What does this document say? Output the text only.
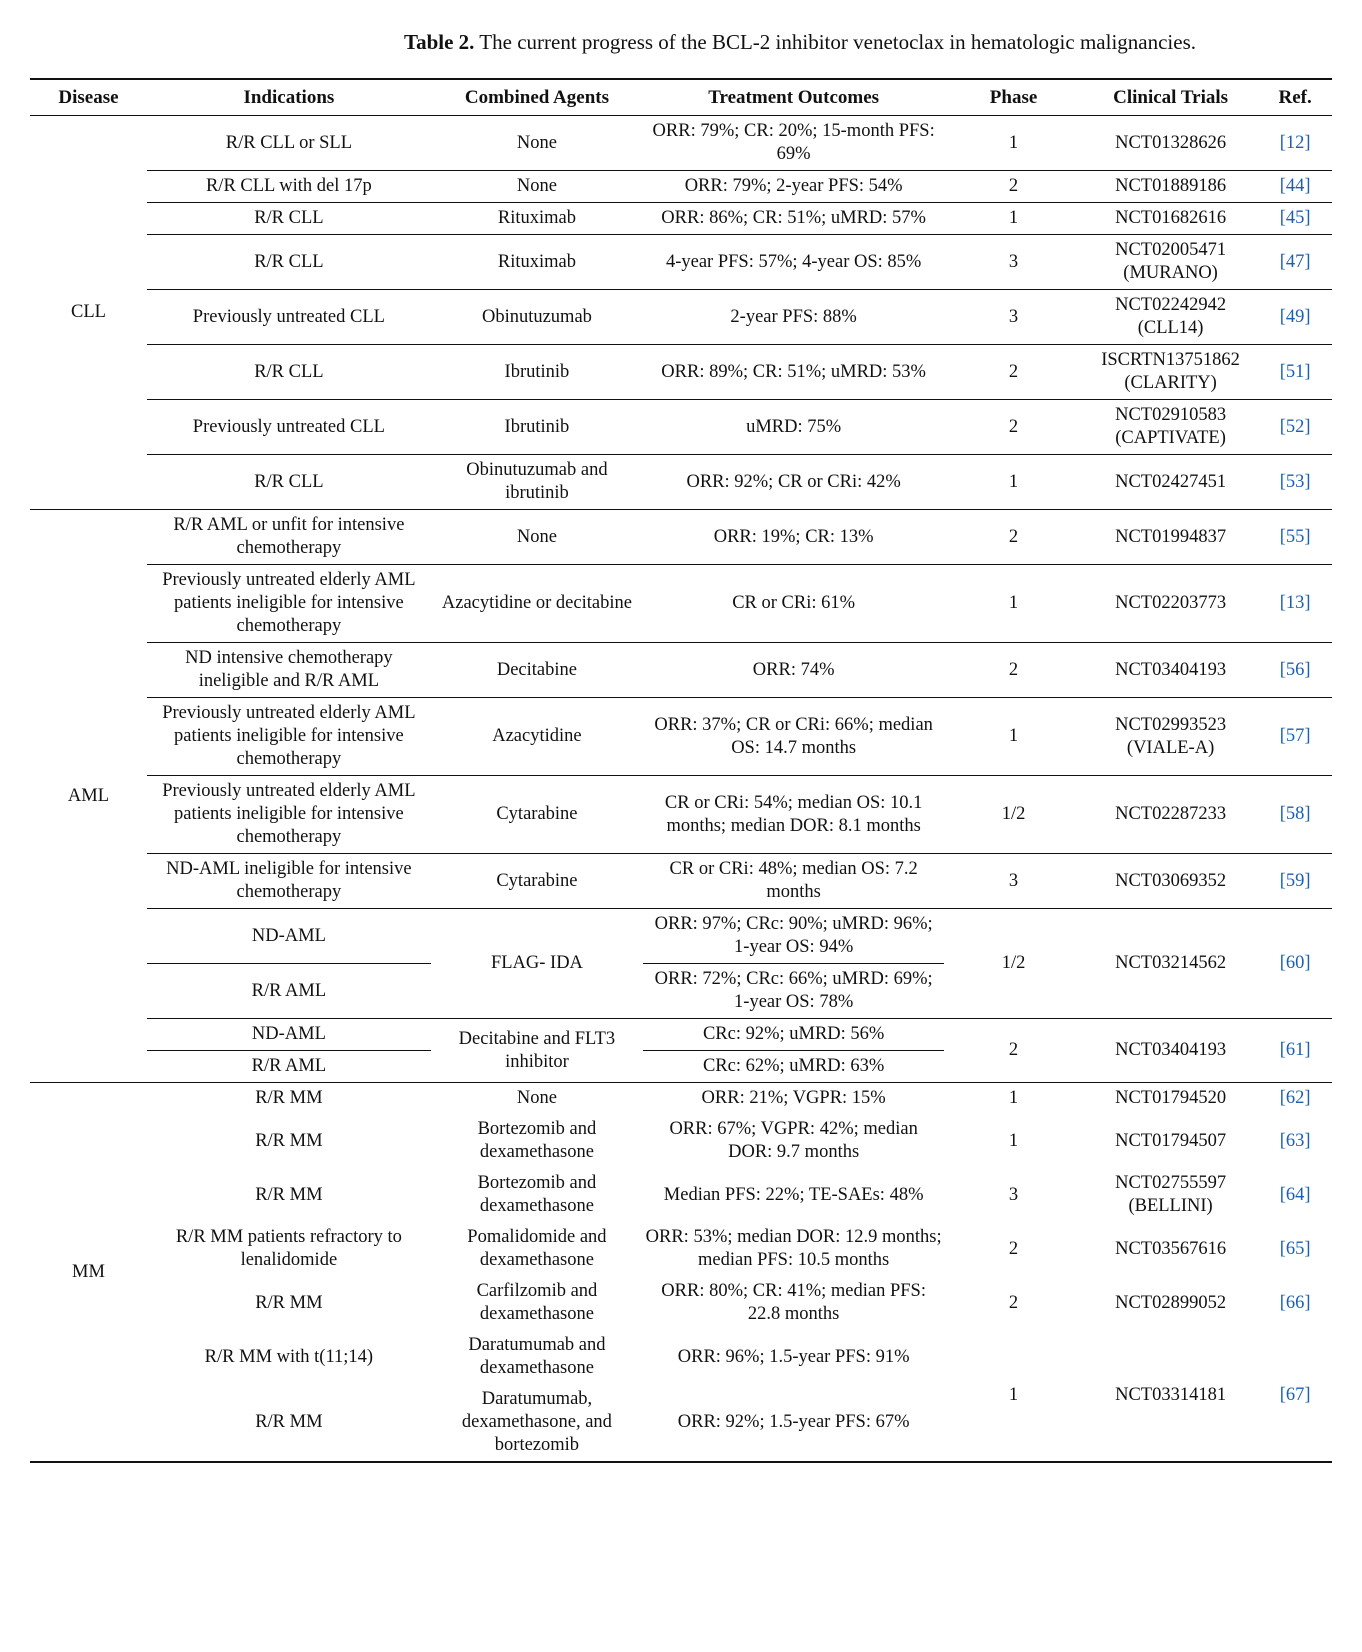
Table 2. The current progress of the BCL-2 inhibitor venetoclax in hematologic malignancies.
Disease	Indications	Combined Agents	Treatment Outcomes	Phase	Clinical Trials	Ref.
CLL	R/R CLL or SLL	None	ORR: 79%; CR: 20%; 15-month PFS: 69%	1	NCT01328626	[12]
	R/R CLL with del 17p	None	ORR: 79%; 2-year PFS: 54%	2	NCT01889186	[44]
	R/R CLL	Rituximab	ORR: 86%; CR: 51%; uMRD: 57%	1	NCT01682616	[45]
	R/R CLL	Rituximab	4-year PFS: 57%; 4-year OS: 85%	3	NCT02005471 (MURANO)	[47]
	Previously untreated CLL	Obinutuzumab	2-year PFS: 88%	3	NCT02242942 (CLL14)	[49]
	R/R CLL	Ibrutinib	ORR: 89%; CR: 51%; uMRD: 53%	2	ISCRTN13751862 (CLARITY)	[51]
	Previously untreated CLL	Ibrutinib	uMRD: 75%	2	NCT02910583 (CAPTIVATE)	[52]
	R/R CLL	Obinutuzumab and ibrutinib	ORR: 92%; CR or CRi: 42%	1	NCT02427451	[53]
AML	R/R AML or unfit for intensive chemotherapy	None	ORR: 19%; CR: 13%	2	NCT01994837	[55]
	Previously untreated elderly AML patients ineligible for intensive chemotherapy	Azacytidine or decitabine	CR or CRi: 61%	1	NCT02203773	[13]
	ND intensive chemotherapy ineligible and R/R AML	Decitabine	ORR: 74%	2	NCT03404193	[56]
	Previously untreated elderly AML patients ineligible for intensive chemotherapy	Azacytidine	ORR: 37%; CR or CRi: 66%; median OS: 14.7 months	1	NCT02993523 (VIALE-A)	[57]
	Previously untreated elderly AML patients ineligible for intensive chemotherapy	Cytarabine	CR or CRi: 54%; median OS: 10.1 months; median DOR: 8.1 months	1/2	NCT02287233	[58]
	ND-AML ineligible for intensive chemotherapy	Cytarabine	CR or CRi: 48%; median OS: 7.2 months	3	NCT03069352	[59]
	ND-AML	FLAG- IDA	ORR: 97%; CRc: 90%; uMRD: 96%; 1-year OS: 94%	1/2	NCT03214562	[60]
	R/R AML		ORR: 72%; CRc: 66%; uMRD: 69%; 1-year OS: 78%			
	ND-AML	Decitabine and FLT3 inhibitor	CRc: 92%; uMRD: 56%	2	NCT03404193	[61]
	R/R AML		CRc: 62%; uMRD: 63%			
MM	R/R MM	None	ORR: 21%; VGPR: 15%	1	NCT01794520	[62]
	R/R MM	Bortezomib and dexamethasone	ORR: 67%; VGPR: 42%; median DOR: 9.7 months	1	NCT01794507	[63]
	R/R MM	Bortezomib and dexamethasone	Median PFS: 22%; TE-SAEs: 48%	3	NCT02755597 (BELLINI)	[64]
	R/R MM patients refractory to lenalidomide	Pomalidomide and dexamethasone	ORR: 53%; median DOR: 12.9 months; median PFS: 10.5 months	2	NCT03567616	[65]
	R/R MM	Carfilzomib and dexamethasone	ORR: 80%; CR: 41%; median PFS: 22.8 months	2	NCT02899052	[66]
	R/R MM with t(11;14)	Daratumumab and dexamethasone	ORR: 96%; 1.5-year PFS: 91%	1	NCT03314181	[67]
	R/R MM	Daratumumab, dexamethasone, and bortezomib	ORR: 92%; 1.5-year PFS: 67%			
